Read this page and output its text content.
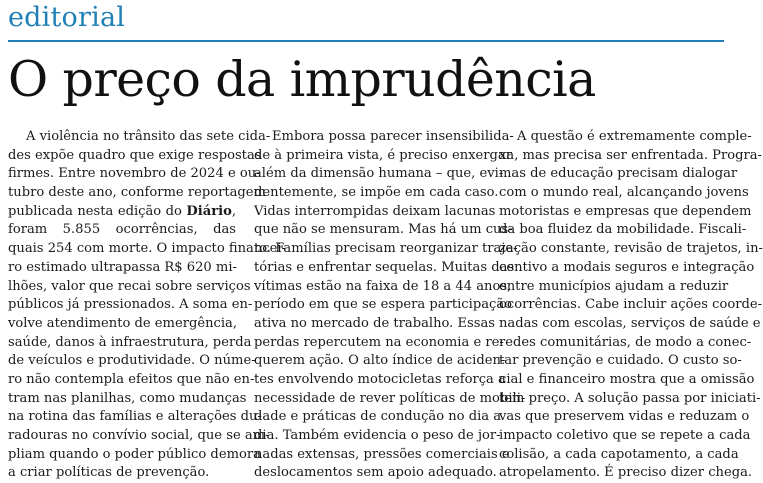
editorial
O preço da imprudência
A violência no trânsito das sete cida-
des expõe quadro que exige respostas
firmes. Entre novembro de 2024 e ou-
tubro deste ano, conforme reportagem
publicada nesta edição do Diário,
foram 5.855 ocorrências, das
quais 254 com morte. O impacto financei-
ro estimado ultrapassa R$ 620 mi-
lhões, valor que recai sobre serviços
públicos já pressionados. A soma en-
volve atendimento de emergência,
saúde, danos à infraestrutura, perda
de veículos e produtividade. O núme-
ro não contempla efeitos que não en-
tram nas planilhas, como mudanças
na rotina das famílias e alterações du-
radouras no convívio social, que se am-
pliam quando o poder público demora
a criar políticas de prevenção.
Embora possa parecer insensibilida-
de à primeira vista, é preciso enxergar
além da dimensão humana – que, evi-
dentemente, se impõe em cada caso.
Vidas interrompidas deixam lacunas
que não se mensuram. Mas há um cus-
to. Famílias precisam reorganizar traje-
tórias e enfrentar sequelas. Muitas das
vítimas estão na faixa de 18 a 44 anos,
período em que se espera participação
ativa no mercado de trabalho. Essas
perdas repercutem na economia e re-
querem ação. O alto índice de aciden-
tes envolvendo motocicletas reforça a
necessidade de rever políticas de mobili-
dade e práticas de condução no dia a
dia. Também evidencia o peso de jor-
nadas extensas, pressões comerciais e
deslocamentos sem apoio adequado.
A questão é extremamente comple-
xa, mas precisa ser enfrentada. Progra-
mas de educação precisam dialogar
com o mundo real, alcançando jovens
motoristas e empresas que dependem
da boa fluidez da mobilidade. Fiscali-
zação constante, revisão de trajetos, in-
centivo a modais seguros e integração
entre municípios ajudam a reduzir
ocorrências. Cabe incluir ações coorde-
nadas com escolas, serviços de saúde e
redes comunitárias, de modo a conec-
tar prevenção e cuidado. O custo so-
cial e financeiro mostra que a omissão
tem preço. A solução passa por iniciati-
vas que preservem vidas e reduzam o
impacto coletivo que se repete a cada
colisão, a cada capotamento, a cada
atropelamento. É preciso dizer chega.
